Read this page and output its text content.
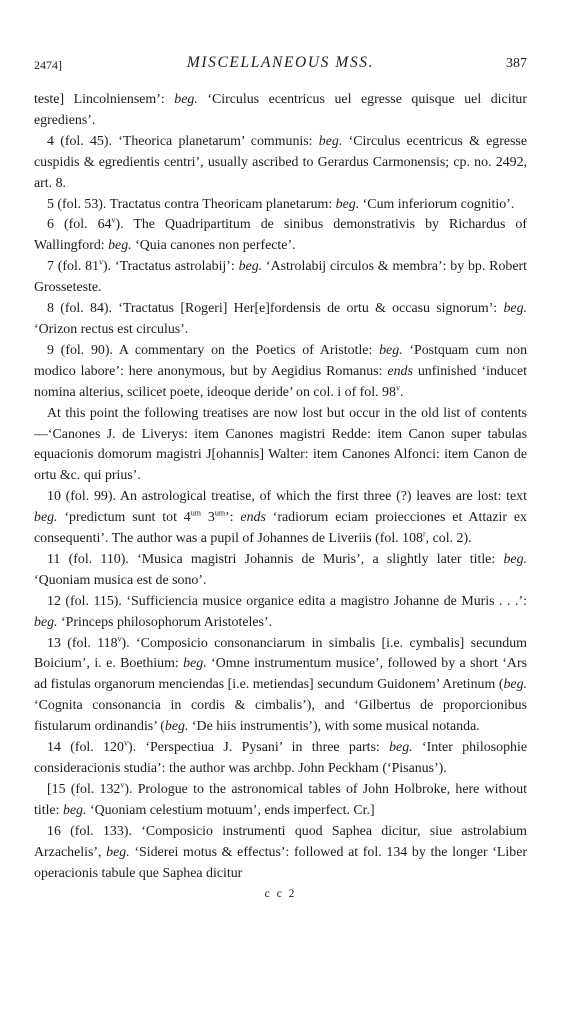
2474]	MISCELLANEOUS MSS.	387

teste] Lincolniensem’: beg. ‘Circulus ecentricus uel egresse quisque uel dicitur egrediens’.

4 (fol. 45). ‘Theorica planetarum’ communis: beg. ‘Circulus ecentricus & egresse cuspidis & egredientis centri’, usually ascribed to Gerardus Carmonensis; cp. no. 2492, art. 8.

5 (fol. 53). Tractatus contra Theoricam planetarum: beg. ‘Cum inferiorum cognitio’.

6 (fol. 64$^v$). The Quadripartitum de sinibus demonstrativis by Richardus of Wallingford: beg. ‘Quia canones non perfecte’.

7 (fol. 81$^v$). ‘Tractatus astrolabij’: beg. ‘Astrolabij circulos & membra’: by bp. Robert Grosseteste.

8 (fol. 84). ‘Tractatus [Rogeri] Her[e]fordensis de ortu & occasu signorum’: beg. ‘Orizon rectus est circulus’.

9 (fol. 90). A commentary on the Poetics of Aristotle: beg. ‘Postquam cum non modico labore’: here anonymous, but by Aegidius Romanus: ends unfinished ‘inducet nomina alterius, scilicet poete, ideoque deride’ on col. i of fol. 98$^v$.

At this point the following treatises are now lost but occur in the old list of contents—‘Canones J. de Liverys: item Canones magistri Redde: item Canon super tabulas equacionis domorum magistri J[ohannis] Walter: item Canones Alfonci: item Canon de ortu &c. qui prius’.

10 (fol. 99). An astrological treatise, of which the first three (?) leaves are lost: text beg. ‘predictum sunt tot $4^{um}$ $3^{um}$’: ends ‘radiorum eciam proiecciones et Attazir ex consequenti’. The author was a pupil of Johannes de Liveriis (fol. 108$^r$, col. 2).

11 (fol. 110). ‘Musica magistri Johannis de Muris’, a slightly later title: beg. ‘Quoniam musica est de sono’.

12 (fol. 115). ‘Sufficiencia musice organice edita a magistro Johanne de Muris . . .’: beg. ‘Princeps philosophorum Aristoteles’.

13 (fol. 118$^v$). ‘Composicio consonanciarum in simbalis [i.e. cymbalis] secundum Boicium’, i. e. Boethium: beg. ‘Omne instrumentum musice’, followed by a short ‘Ars ad fistulas organorum menciendas [i.e. metiendas] secundum Guidonem’ Aretinum (beg. ‘Cognita consonancia in cordis & cimbalis’), and ‘Gilbertus de proporcionibus fistularum ordinandis’ (beg. ‘De hiis instrumentis’), with some musical notanda.

14 (fol. 120$^v$). ‘Perspectiua J. Pysani’ in three parts: beg. ‘Inter philosophie consideracionis studia’: the author was archbp. John Peckham (‘Pisanus’).

[15 (fol. 132$^v$). Prologue to the astronomical tables of John Holbroke, here without title: beg. ‘Quoniam celestium motuum’, ends imperfect. Cr.]

16 (fol. 133). ‘Composicio instrumenti quod Saphea dicitur, siue astrolabium Arzachelis’, beg. ‘Siderei motus & effectus’: followed at fol. 134 by the longer ‘Liber operacionis tabule que Saphea dicitur

c c 2
